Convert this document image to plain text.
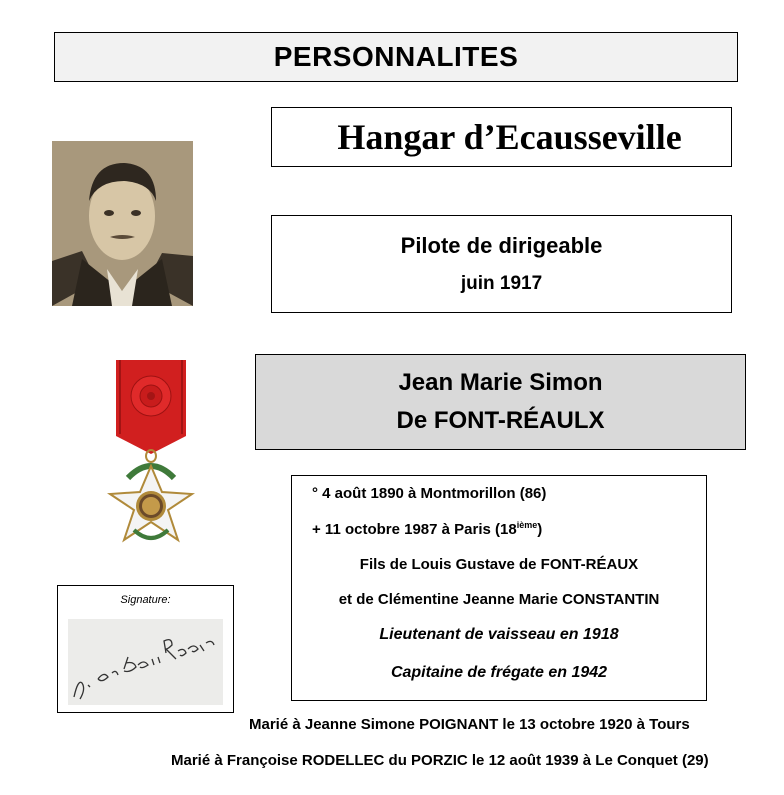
PERSONNALITES
Hangar d’Ecausseville
Pilote de dirigeable
juin 1917
Jean Marie Simon
De FONT-RÉAULX
° 4 août 1890 à Montmorillon (86)
+ 11 octobre 1987 à Paris (18ième)
Fils de Louis Gustave de FONT-RÉAUX
et de Clémentine Jeanne Marie CONSTANTIN
Lieutenant de vaisseau en 1918
Capitaine de frégate en 1942
Signature:
Marié à Jeanne Simone POIGNANT le 13 octobre 1920 à Tours
Marié à Françoise RODELLEC du PORZIC le 12 août 1939 à Le Conquet (29)
